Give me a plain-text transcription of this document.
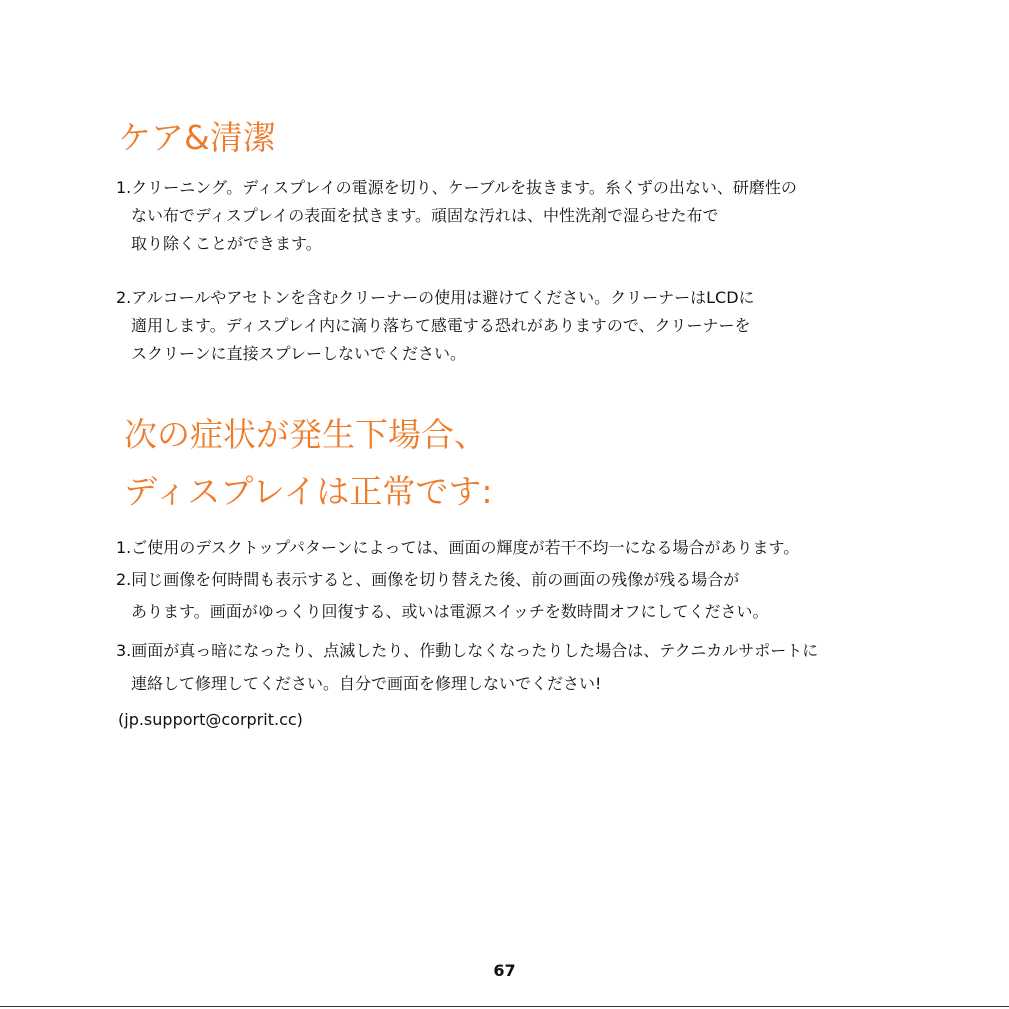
ケア&清潔
1.クリーニング。ディスプレイの電源を切り、ケーブルを抜きます。糸くずの出ない、研磨性の
ない布でディスプレイの表面を拭きます。頑固な汚れは、中性洗剤で湿らせた布で
取り除くことができます。
2.アルコールやアセトンを含むクリーナーの使用は避けてください。クリーナーはLCDに
適用します。ディスプレイ内に滴り落ちて感電する恐れがありますので、クリーナーを
スクリーンに直接スプレーしないでください。
次の症状が発生下場合、
ディスプレイは正常です:
1.ご使用のデスクトップパターンによっては、画面の輝度が若干不均一になる場合があります。
2.同じ画像を何時間も表示すると、画像を切り替えた後、前の画面の残像が残る場合が
あります。画面がゆっくり回復する、或いは電源スイッチを数時間オフにしてください。
3.画面が真っ暗になったり、点滅したり、作動しなくなったりした場合は、テクニカルサポートに
連絡して修理してください。自分で画面を修理しないでください!
(jp.support@corprit.cc)
67
